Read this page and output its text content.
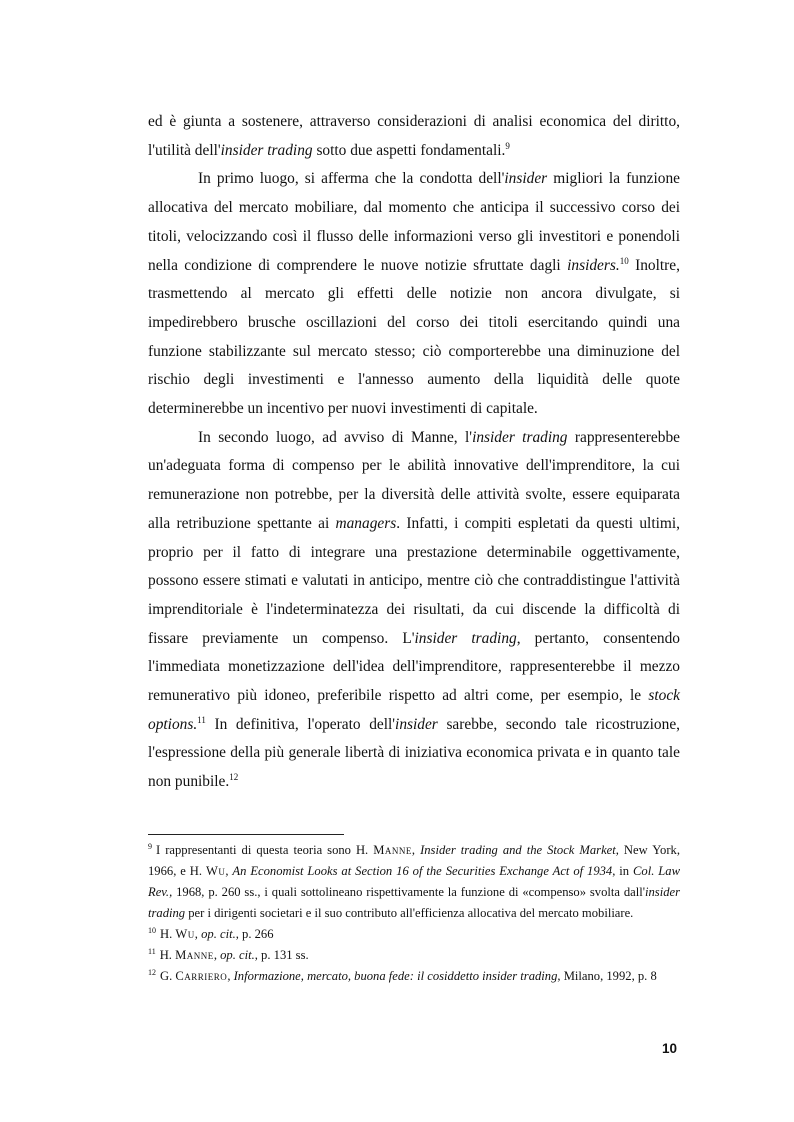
ed è giunta a sostenere, attraverso considerazioni di analisi economica del diritto, l'utilità dell'insider trading sotto due aspetti fondamentali.$^9$

In primo luogo, si afferma che la condotta dell'insider migliori la funzione allocativa del mercato mobiliare, dal momento che anticipa il successivo corso dei titoli, velocizzando così il flusso delle informazioni verso gli investitori e ponendoli nella condizione di comprendere le nuove notizie sfruttate dagli insiders.$^{10}$ Inoltre, trasmettendo al mercato gli effetti delle notizie non ancora divulgate, si impedirebbero brusche oscillazioni del corso dei titoli esercitando quindi una funzione stabilizzante sul mercato stesso; ciò comporterebbe una diminuzione del rischio degli investimenti e l'annesso aumento della liquidità delle quote determinerebbe un incentivo per nuovi investimenti di capitale.

In secondo luogo, ad avviso di Manne, l'insider trading rappresenterebbe un'adeguata forma di compenso per le abilità innovative dell'imprenditore, la cui remunerazione non potrebbe, per la diversità delle attività svolte, essere equiparata alla retribuzione spettante ai managers. Infatti, i compiti espletati da questi ultimi, proprio per il fatto di integrare una prestazione determinabile oggettivamente, possono essere stimati e valutati in anticipo, mentre ciò che contraddistingue l'attività imprenditoriale è l'indeterminatezza dei risultati, da cui discende la difficoltà di fissare previamente un compenso. L'insider trading, pertanto, consentendo l'immediata monetizzazione dell'idea dell'imprenditore, rappresenterebbe il mezzo remunerativo più idoneo, preferibile rispetto ad altri come, per esempio, le stock options.$^{11}$ In definitiva, l'operato dell'insider sarebbe, secondo tale ricostruzione, l'espressione della più generale libertà di iniziativa economica privata e in quanto tale non punibile.$^{12}$

$^9$ I rappresentanti di questa teoria sono H. Manne, Insider trading and the Stock Market, New York, 1966, e H. Wu, An Economist Looks at Section 16 of the Securities Exchange Act of 1934, in Col. Law Rev., 1968, p. 260 ss., i quali sottolineano rispettivamente la funzione di «compenso» svolta dall'insider trading per i dirigenti societari e il suo contributo all'efficienza allocativa del mercato mobiliare.

$^{10}$ H. Wu, op. cit., p. 266

$^{11}$ H. Manne, op. cit., p. 131 ss.

$^{12}$ G. Carriero, Informazione, mercato, buona fede: il cosiddetto insider trading, Milano, 1992, p. 8

10
